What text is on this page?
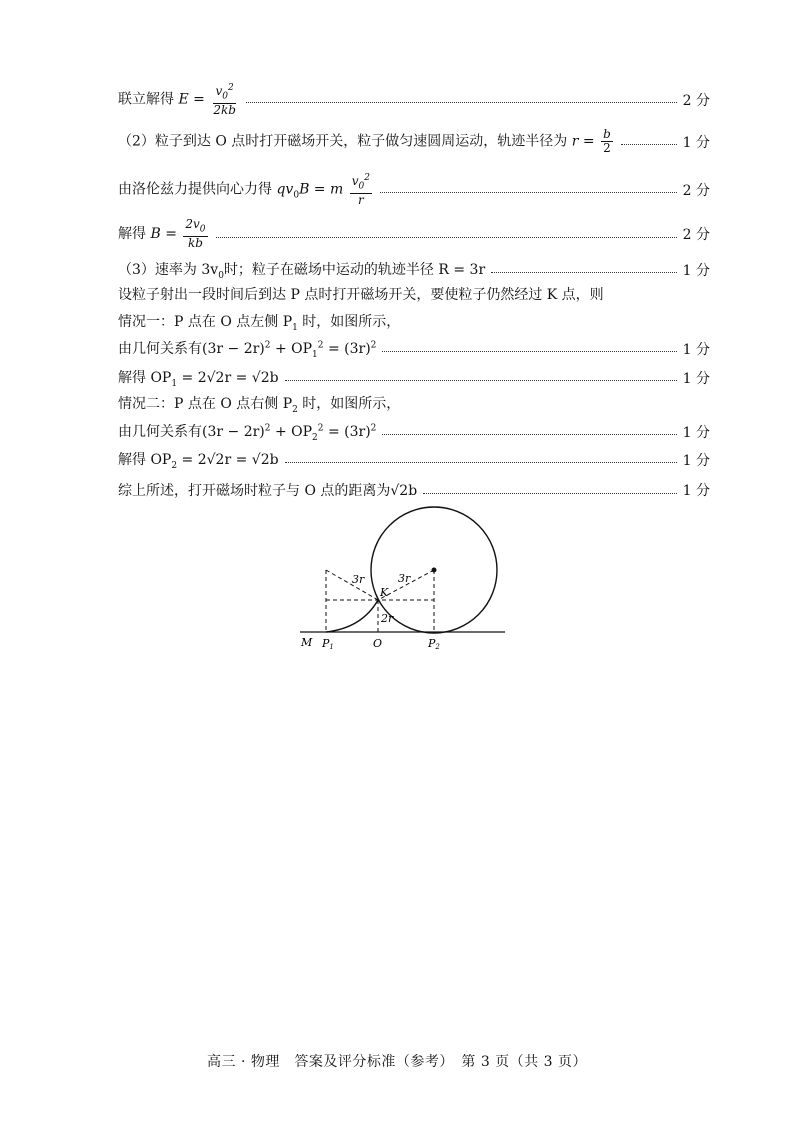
联立解得 $E = \frac{v_0^2}{2kb}$	2 分
（2）粒子到达 O 点时打开磁场开关，粒子做匀速圆周运动，轨迹半径为 $r = \frac{b}{2}$	1 分
由洛伦兹力提供向心力得 $qv_0B = m \frac{v_0^2}{r}$	2 分
解得 $B = \frac{2v_0}{kb}$	2 分
（3）速率为 $3v_0$时；粒子在磁场中运动的轨迹半径 R = 3r	1 分
设粒子射出一段时间后到达 P 点时打开磁场开关，要使粒子仍然经过 K 点，则
情况一：P 点在 O 点左侧 $P_1$ 时，如图所示，
由几何关系有$(3r - 2r)^2 + OP_1^2 = (3r)^2$	1 分
解得 $OP_1 = 2√2r = √2b$	1 分
情况二：P 点在 O 点右侧 $P_2$ 时，如图所示，
由几何关系有$(3r - 2r)^2 + OP_2^2 = (3r)^2$	1 分
解得 $OP_2 = 2√2r = √2b$	1 分
综上所述，打开磁场时粒子与 O 点的距离为√2b	1 分
M P1	O	P2
K
3r	3r
2r
高三 · 物理　答案及评分标准（参考）　第 3 页（共 3 页）
